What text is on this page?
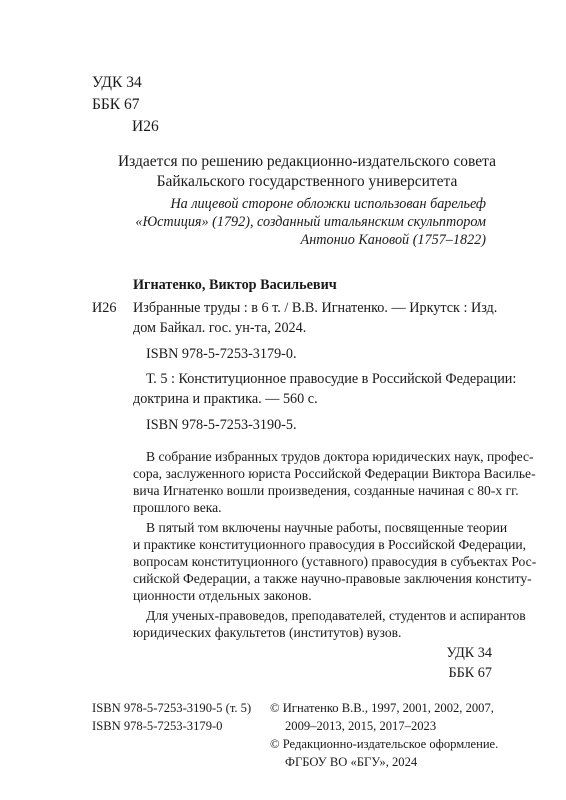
УДК 34
ББК 67
И26
Издается по решению редакционно-издательского совета
Байкальского государственного университета
На лицевой стороне обложки использован барельеф
«Юстиция» (1792), созданный итальянским скульптором
Антонио Кановой (1757–1822)
Игнатенко, Виктор Васильевич
И26 Избранные труды : в 6 т. / В.В. Игнатенко. — Иркутск : Изд.
дом Байкал. гос. ун-та, 2024.
ISBN 978-5-7253-3179-0.
Т. 5 : Конституционное правосудие в Российской Федерации:
доктрина и практика. — 560 с.
ISBN 978-5-7253-3190-5.
В собрание избранных трудов доктора юридических наук, профес-
сора, заслуженного юриста Российской Федерации Виктора Василье-
вича Игнатенко вошли произведения, созданные начиная с 80-х гг.
прошлого века.
В пятый том включены научные работы, посвященные теории
и практике конституционного правосудия в Российской Федерации,
вопросам конституционного (уставного) правосудия в субъектах Рос-
сийской Федерации, а также научно-правовые заключения конститу-
ционности отдельных законов.
Для ученых-правоведов, преподавателей, студентов и аспирантов
юридических факультетов (институтов) вузов.
УДК 34
ББК 67
ISBN 978-5-7253-3190-5 (т. 5)
ISBN 978-5-7253-3179-0
© Игнатенко В.В., 1997, 2001, 2002, 2007,
2009–2013, 2015, 2017–2023
© Редакционно-издательское оформление.
ФГБОУ ВО «БГУ», 2024
